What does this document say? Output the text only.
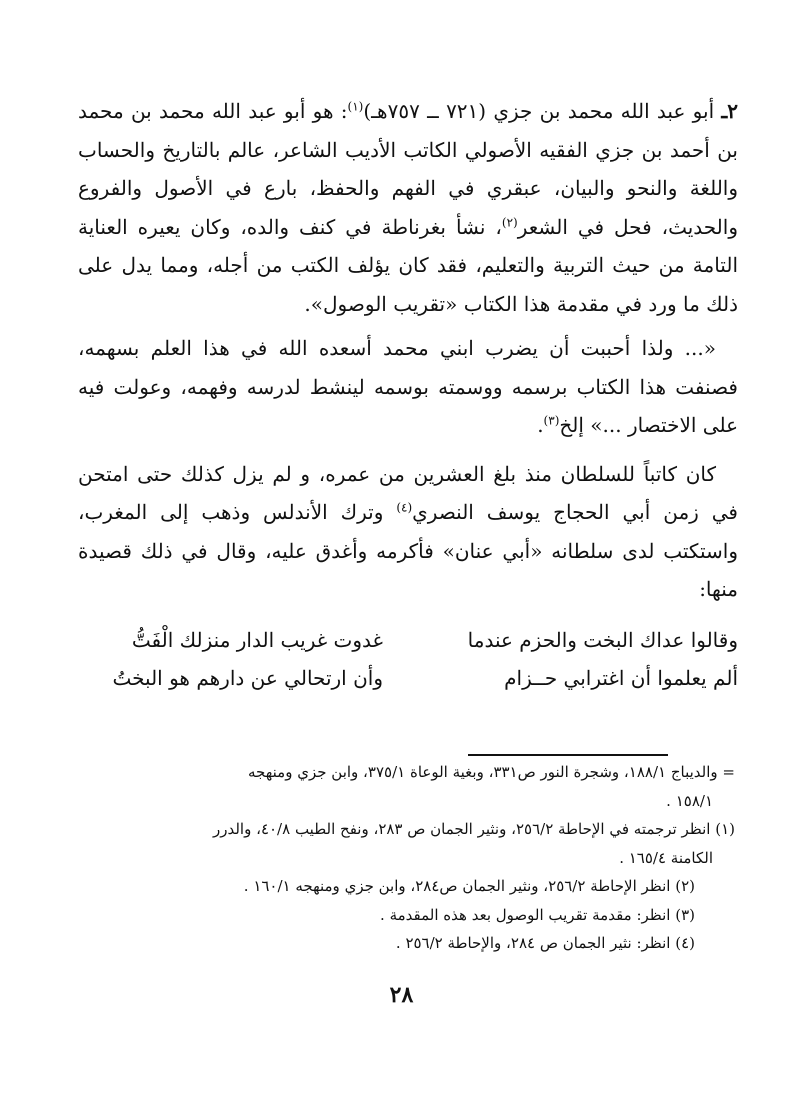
٢ـ أبو عبد الله محمد بن جزي (٧٢١ ــ ٧٥٧هـ)$^{(١)}$: هو أبو عبد الله محمد بن محمد بن أحمد بن جزي الفقيه الأصولي الكاتب الأديب الشاعر، عالم بالتاريخ والحساب واللغة والنحو والبيان، عبقري في الفهم والحفظ، بارع في الأصول والفروع والحديث، فحل في الشعر$^{(٢)}$، نشأ بغرناطة في كنف والده، وكان يعيره العناية التامة من حيث التربية والتعليم، فقد كان يؤلف الكتب من أجله، ومما يدل على ذلك ما ورد في مقدمة هذا الكتاب «تقريب الوصول».

«... ولذا أحببت أن يضرب ابني محمد أسعده الله في هذا العلم بسهمه، فصنفت هذا الكتاب برسمه ووسمته بوسمه لينشط لدرسه وفهمه، وعولت فيه على الاختصار ...» إلخ$^{(٣)}$.

كان كاتباً للسلطان منذ بلغ العشرين من عمره، و لم يزل كذلك حتى امتحن في زمن أبي الحجاج يوسف النصري$^{(٤)}$ وترك الأندلس وذهب إلى المغرب، واستكتب لدى سلطانه «أبي عنان» فأكرمه وأغدق عليه، وقال في ذلك قصيدة منها:

وقالوا عداك البخت والحزم عندما
غدوت غريب الدار منزلك الْفَتُّ
ألم يعلموا أن اغترابي حــزام
وأن ارتحالي عن دارهم هو البختُ

= والديباج ١٨٨/١، وشجرة النور ص٣٣١، وبغية الوعاة ٣٧٥/١، وابن جزي ومنهجه

١٥٨/١ .

(١) انظر ترجمته في الإحاطة ٢٥٦/٢، ونثير الجمان ص ٢٨٣، ونفح الطيب ٤٠/٨، والدرر

الكامنة ١٦٥/٤ .

(٢) انظر الإحاطة ٢٥٦/٢، ونثير الجمان ص٢٨٤، وابن جزي ومنهجه ١٦٠/١ .

(٣) انظر: مقدمة تقريب الوصول بعد هذه المقدمة .

(٤) انظر: نثير الجمان ص ٢٨٤، والإحاطة ٢٥٦/٢ .

٢٨
